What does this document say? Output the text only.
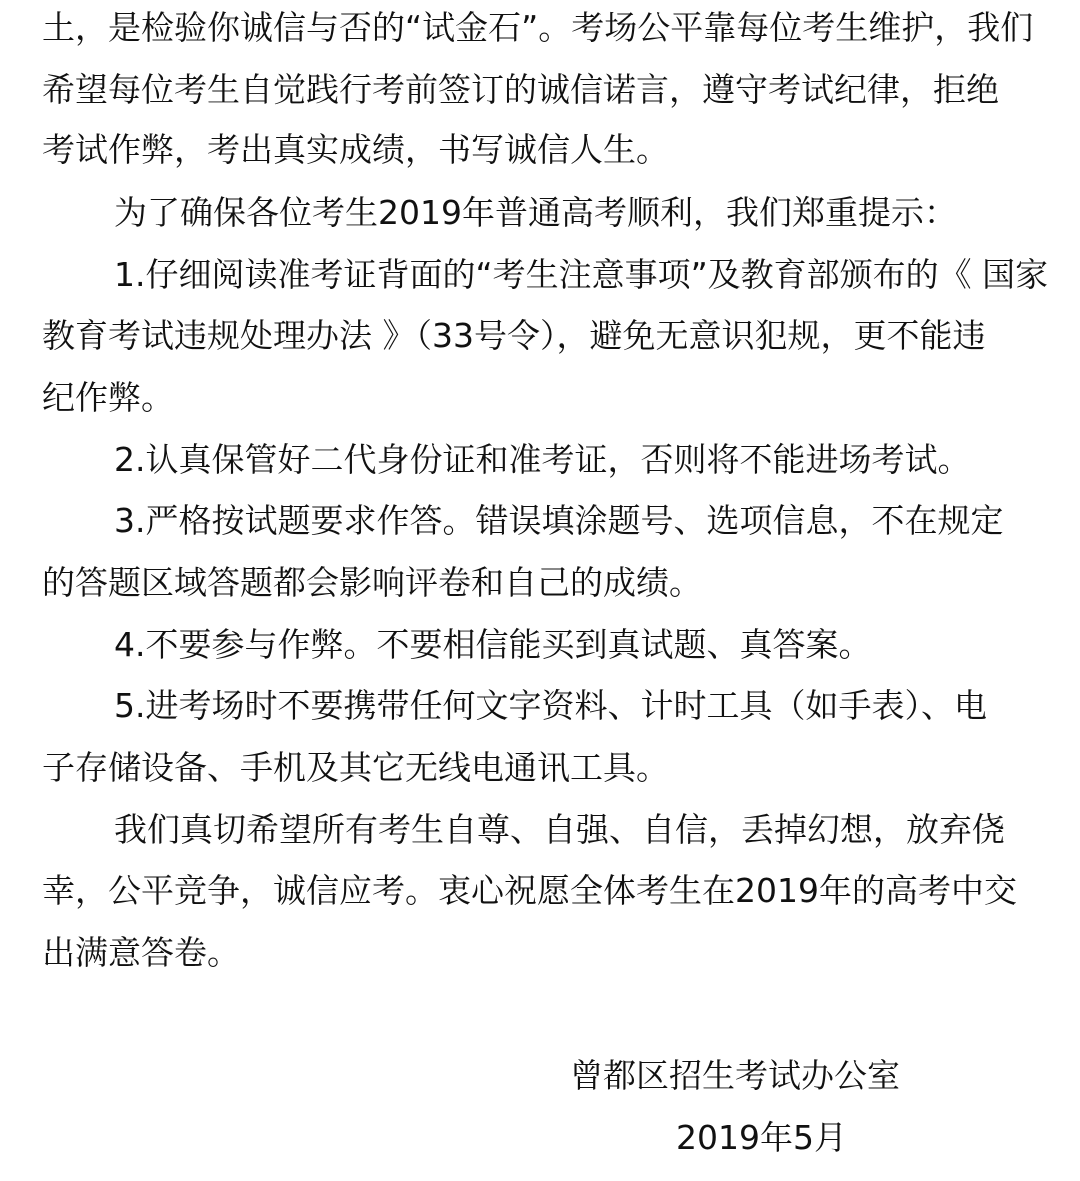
土，是检验你诚信与否的“试金石”。考场公平靠每位考生维护，我们
希望每位考生自觉践行考前签订的诚信诺言，遵守考试纪律，拒绝
考试作弊，考出真实成绩，书写诚信人生。
为了确保各位考生2019年普通高考顺利，我们郑重提示：
1.仔细阅读准考证背面的“考生注意事项”及教育部颁布的《 国家
教育考试违规处理办法 》（33号令），避免无意识犯规，更不能违
纪作弊。
2.认真保管好二代身份证和准考证，否则将不能进场考试。
3.严格按试题要求作答。错误填涂题号、选项信息，不在规定
的答题区域答题都会影响评卷和自己的成绩。
4.不要参与作弊。不要相信能买到真试题、真答案。
5.进考场时不要携带任何文字资料、计时工具（如手表）、电
子存储设备、手机及其它无线电通讯工具。
我们真切希望所有考生自尊、自强、自信，丢掉幻想，放弃侥
幸，公平竞争，诚信应考。衷心祝愿全体考生在2019年的高考中交
出满意答卷。
曾都区招生考试办公室
2019年5月
